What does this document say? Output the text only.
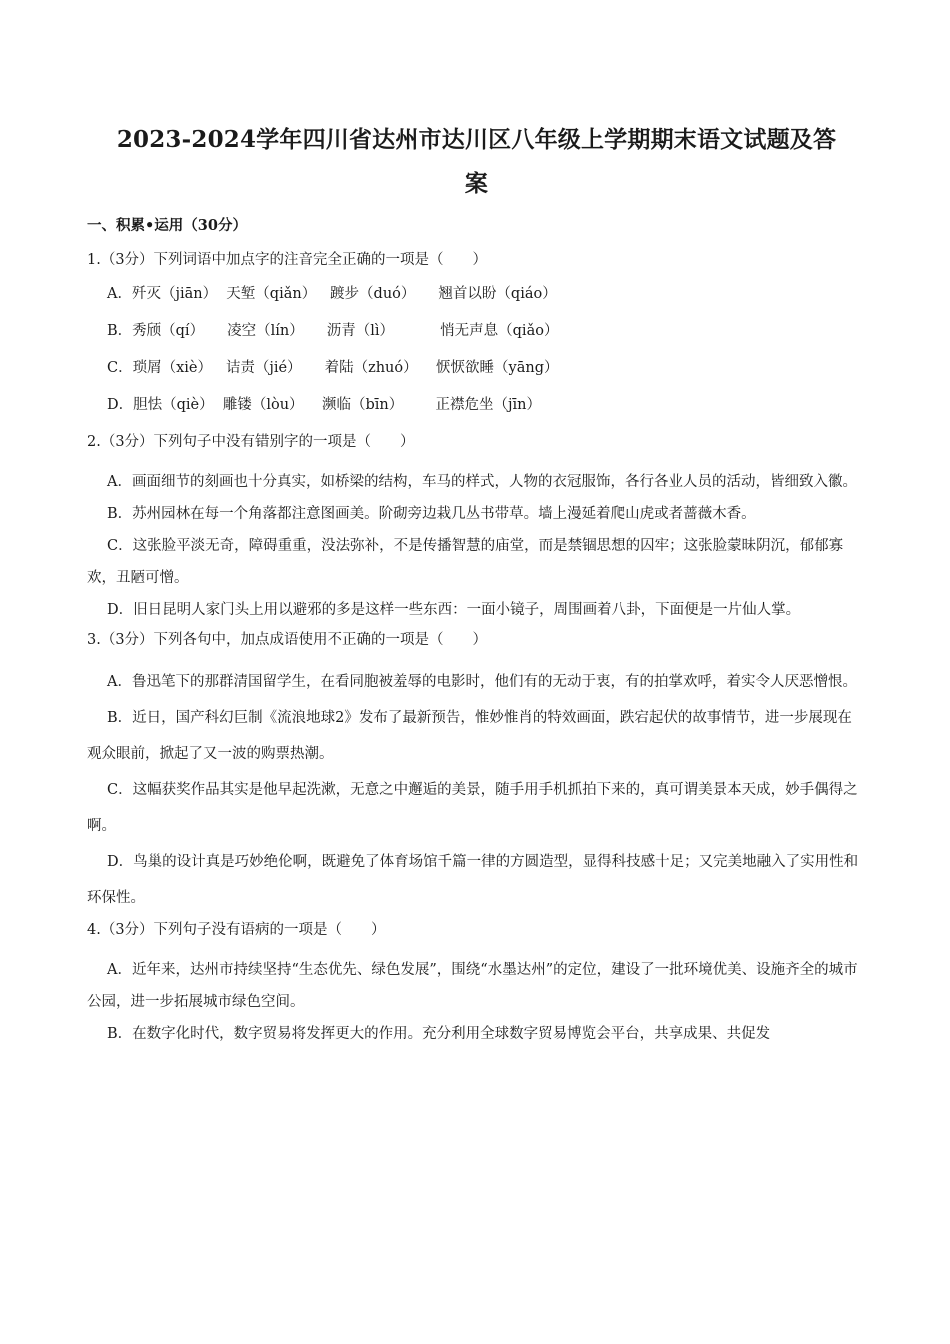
2023-2024学年四川省达州市达川区八年级上学期期末语文试题及答
案
一、积累•运用（30分）
1.（3分）下列词语中加点字的注音完全正确的一项是（　　）
A．歼灭（jiān）  天堑（qiǎn）   踱步（duó）     翘首以盼（qiáo）
B．秀颀（qí）     凌空（lín）     沥青（lì）          悄无声息（qiǎo）
C．琐屑（xiè）   诘责（jié）     着陆（zhuó）    恹恹欲睡（yāng）
D．胆怯（qiè）  雕镂（lòu）    濒临（bīn）       正襟危坐（jīn）
2.（3分）下列句子中没有错别字的一项是（　　）
A．画面细节的刻画也十分真实，如桥梁的结构，车马的样式，人物的衣冠服饰，各行各业人员的活动，皆细致入徽。
B．苏州园林在每一个角落都注意图画美。阶砌旁边栽几丛书带草。墙上漫延着爬山虎或者蔷薇木香。
C．这张脸平淡无奇，障碍重重，没法弥补，不是传播智慧的庙堂，而是禁锢思想的囚牢；这张脸蒙昧阴沉，郁郁寡欢，丑陋可憎。
D．旧日昆明人家门头上用以避邪的多是这样一些东西：一面小镜子，周围画着八卦，下面便是一片仙人掌。
3.（3分）下列各句中，加点成语使用不正确的一项是（　　）
A．鲁迅笔下的那群清国留学生，在看同胞被羞辱的电影时，他们有的无动于衷，有的拍掌欢呼，着实令人厌恶憎恨。
B．近日，国产科幻巨制《流浪地球2》发布了最新预告，惟妙惟肖的特效画面，跌宕起伏的故事情节，进一步展现在观众眼前，掀起了又一波的购票热潮。
C．这幅获奖作品其实是他早起洗漱，无意之中邂逅的美景，随手用手机抓拍下来的，真可谓美景本天成，妙手偶得之啊。
D．鸟巢的设计真是巧妙绝伦啊，既避免了体育场馆千篇一律的方圆造型，显得科技感十足；又完美地融入了实用性和环保性。
4.（3分）下列句子没有语病的一项是（　　）
A．近年来，达州市持续坚持“生态优先、绿色发展”，围绕“水墨达州”的定位，建设了一批环境优美、设施齐全的城市公园，进一步拓展城市绿色空间。
B．在数字化时代，数字贸易将发挥更大的作用。充分利用全球数字贸易博览会平台，共享成果、共促发
